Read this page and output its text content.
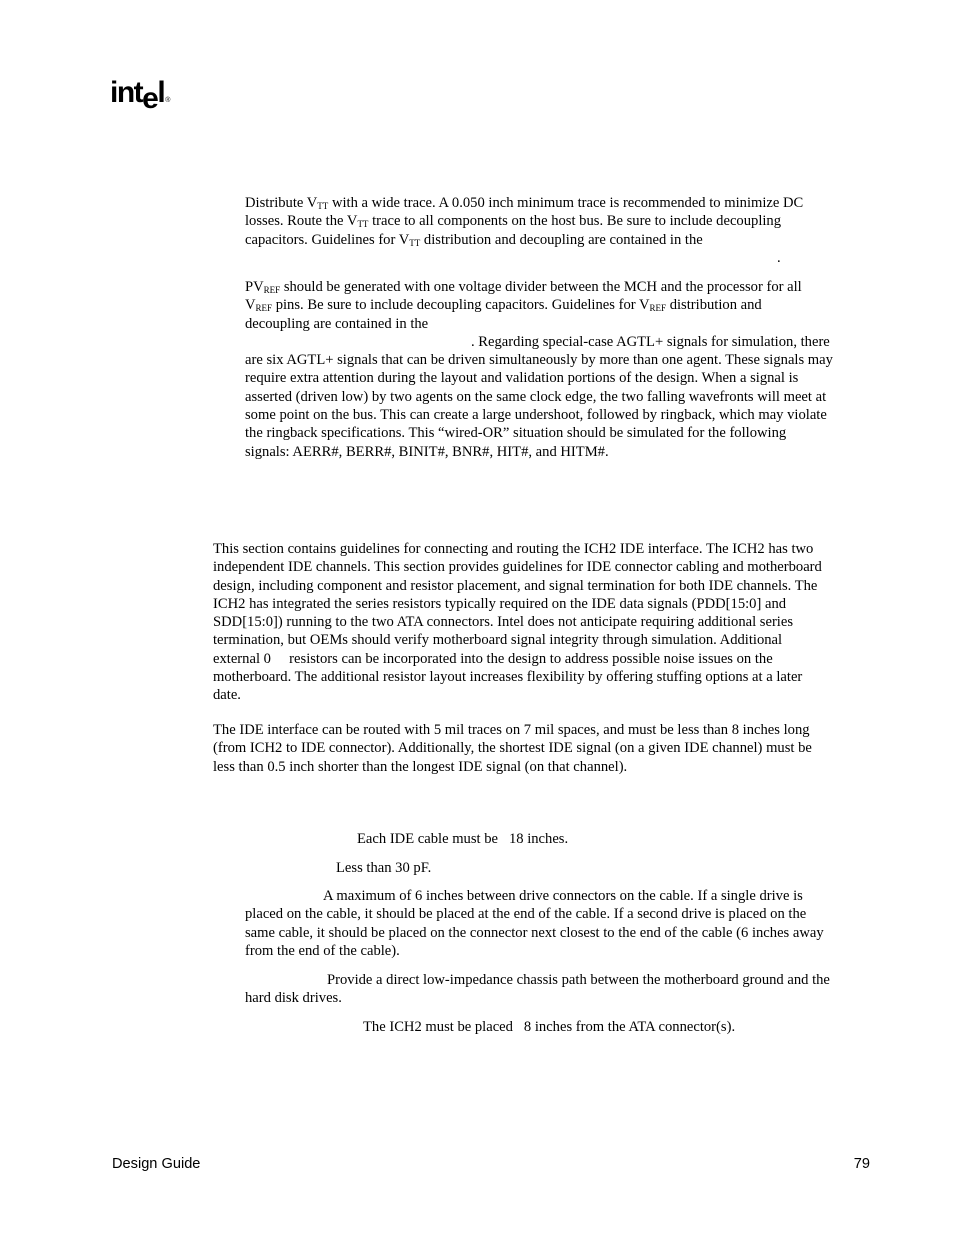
intel®
Distribute $V_{TT}$ with a wide trace. A 0.050 inch minimum trace is recommended to minimize DC
losses. Route the $V_{TT}$ trace to all components on the host bus. Be sure to include decoupling
capacitors. Guidelines for $V_{TT}$ distribution and decoupling are contained in the
.
$PV_{REF}$ should be generated with one voltage divider between the MCH and the processor for all
$V_{REF}$ pins. Be sure to include decoupling capacitors. Guidelines for $V_{REF}$ distribution and
decoupling are contained in the
. Regarding special-case AGTL+ signals for simulation, there
are six AGTL+ signals that can be driven simultaneously by more than one agent. These signals may
require extra attention during the layout and validation portions of the design. When a signal is
asserted (driven low) by two agents on the same clock edge, the two falling wavefronts will meet at
some point on the bus. This can create a large undershoot, followed by ringback, which may violate
the ringback specifications. This “wired-OR” situation should be simulated for the following
signals: AERR#, BERR#, BINIT#, BNR#, HIT#, and HITM#.
This section contains guidelines for connecting and routing the ICH2 IDE interface. The ICH2 has two
independent IDE channels. This section provides guidelines for IDE connector cabling and motherboard
design, including component and resistor placement, and signal termination for both IDE channels. The
ICH2 has integrated the series resistors typically required on the IDE data signals (PDD[15:0] and
SDD[15:0]) running to the two ATA connectors. Intel does not anticipate requiring additional series
termination, but OEMs should verify motherboard signal integrity through simulation. Additional
external 0     resistors can be incorporated into the design to address possible noise issues on the
motherboard. The additional resistor layout increases flexibility by offering stuffing options at a later
date.
The IDE interface can be routed with 5 mil traces on 7 mil spaces, and must be less than 8 inches long
(from ICH2 to IDE connector). Additionally, the shortest IDE signal (on a given IDE channel) must be
less than 0.5 inch shorter than the longest IDE signal (on that channel).
Each IDE cable must be   18 inches.
Less than 30 pF.
A maximum of 6 inches between drive connectors on the cable. If a single drive is
placed on the cable, it should be placed at the end of the cable. If a second drive is placed on the
same cable, it should be placed on the connector next closest to the end of the cable (6 inches away
from the end of the cable).
Provide a direct low-impedance chassis path between the motherboard ground and the
hard disk drives.
The ICH2 must be placed   8 inches from the ATA connector(s).
Design Guide	79
